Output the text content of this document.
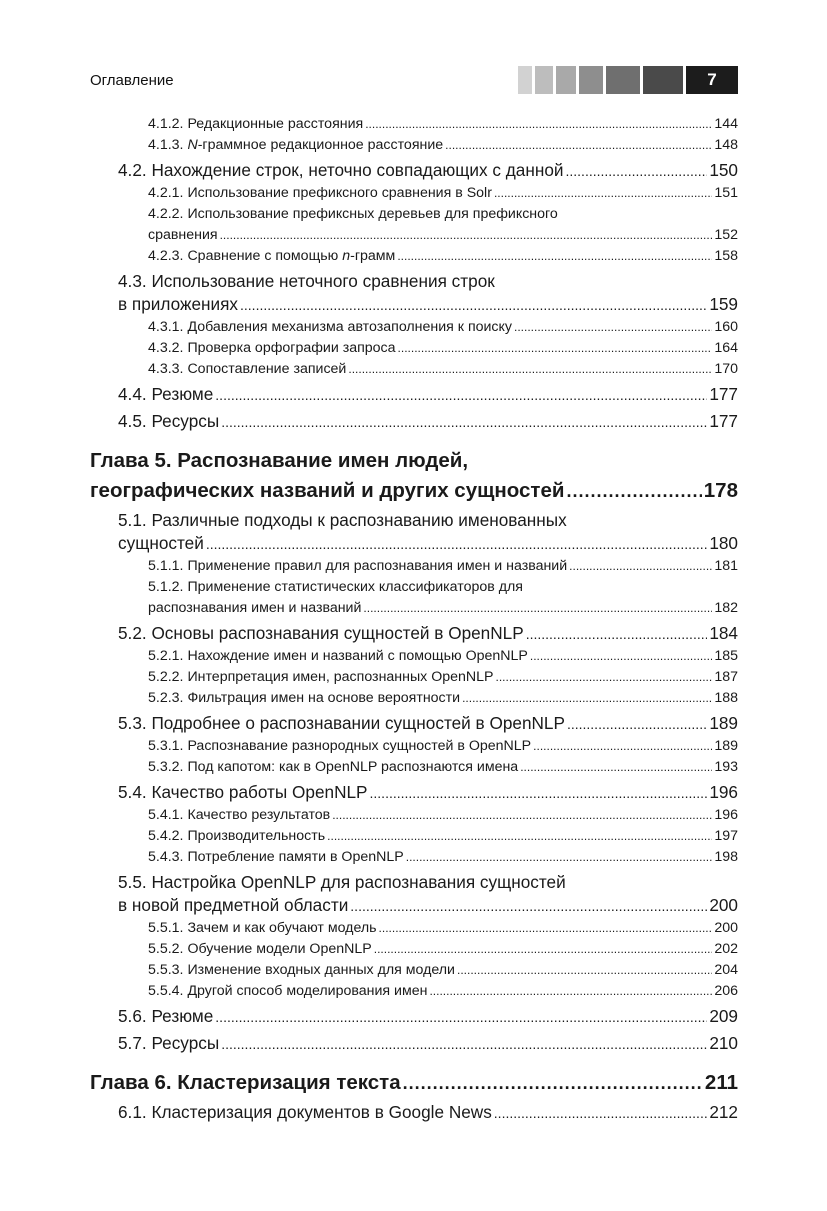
Оглавление	7
4.1.2. Редакционные расстояния .....	144
4.1.3. N-граммное редакционное расстояние .....	148
4.2. Нахождение строк, неточно совпадающих с данной .....	150
4.2.1. Использование префиксного сравнения в Solr .....	151
4.2.2. Использование префиксных деревьев для префиксного
сравнения .....	152
4.2.3. Сравнение с помощью n-грамм .....	158
4.3. Использование неточного сравнения строк
в приложениях .....	159
4.3.1. Добавления механизма автозаполнения к поиску .....	160
4.3.2. Проверка орфографии запроса .....	164
4.3.3. Сопоставление записей .....	170
4.4. Резюме .....	177
4.5. Ресурсы .....	177
Глава 5. Распознавание имен людей,
географических названий и других сущностей .....	178
5.1. Различные подходы к распознаванию именованных
сущностей .....	180
5.1.1. Применение правил для распознавания имен и названий .....	181
5.1.2. Применение статистических классификаторов для
распознавания имен и названий .....	182
5.2. Основы распознавания сущностей в OpenNLP .....	184
5.2.1. Нахождение имен и названий с помощью OpenNLP .....	185
5.2.2. Интерпретация имен, распознанных OpenNLP .....	187
5.2.3. Фильтрация имен на основе вероятности .....	188
5.3. Подробнее о распознавании сущностей в OpenNLP .....	189
5.3.1. Распознавание разнородных сущностей в OpenNLP .....	189
5.3.2. Под капотом: как в OpenNLP распознаются имена .....	193
5.4. Качество работы OpenNLP .....	196
5.4.1. Качество результатов .....	196
5.4.2. Производительность .....	197
5.4.3. Потребление памяти в OpenNLP .....	198
5.5. Настройка OpenNLP для распознавания сущностей
в новой предметной области .....	200
5.5.1. Зачем и как обучают модель .....	200
5.5.2. Обучение модели OpenNLP .....	202
5.5.3. Изменение входных данных для модели .....	204
5.5.4. Другой способ моделирования имен .....	206
5.6. Резюме .....	209
5.7. Ресурсы .....	210
Глава 6. Кластеризация текста .....	211
6.1. Кластеризация документов в Google News .....	212
